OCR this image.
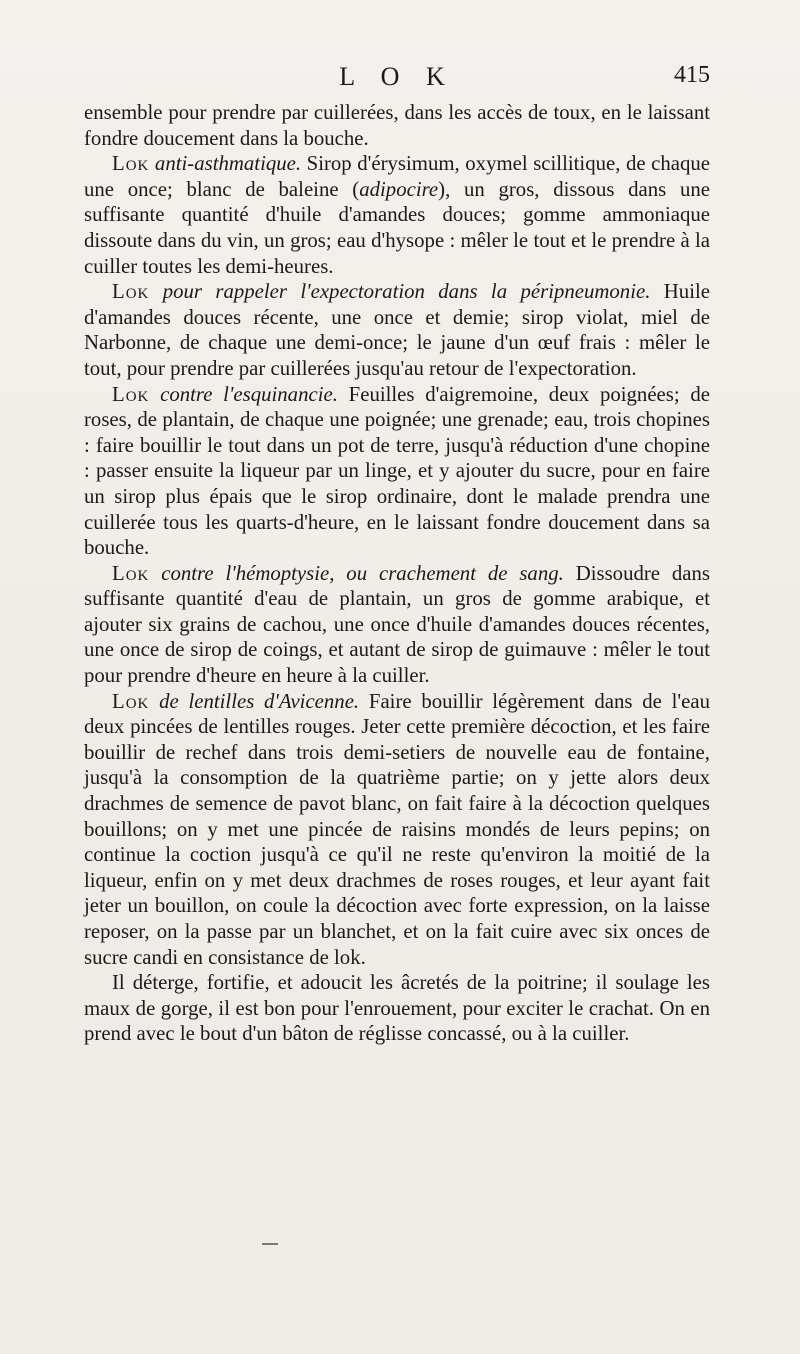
L O K	415

ensemble pour prendre par cuillerées, dans les accès de toux, en le laissant fondre doucement dans la bouche.

Lok anti-asthmatique. Sirop d'érysimum, oxymel scillitique, de chaque une once; blanc de baleine (adipocire), un gros, dissous dans une suffisante quantité d'huile d'amandes douces; gomme ammoniaque dissoute dans du vin, un gros; eau d'hysope : mêler le tout et le prendre à la cuiller toutes les demi-heures.

Lok pour rappeler l'expectoration dans la péripneumonie. Huile d'amandes douces récente, une once et demie; sirop violat, miel de Narbonne, de chaque une demi-once; le jaune d'un œuf frais : mêler le tout, pour prendre par cuillerées jusqu'au retour de l'expectoration.

Lok contre l'esquinancie. Feuilles d'aigremoine, deux poignées; de roses, de plantain, de chaque une poignée; une grenade; eau, trois chopines : faire bouillir le tout dans un pot de terre, jusqu'à réduction d'une chopine : passer ensuite la liqueur par un linge, et y ajouter du sucre, pour en faire un sirop plus épais que le sirop ordinaire, dont le malade prendra une cuillerée tous les quarts-d'heure, en le laissant fondre doucement dans sa bouche.

Lok contre l'hémoptysie, ou crachement de sang. Dissoudre dans suffisante quantité d'eau de plantain, un gros de gomme arabique, et ajouter six grains de cachou, une once d'huile d'amandes douces récentes, une once de sirop de coings, et autant de sirop de guimauve : mêler le tout pour prendre d'heure en heure à la cuiller.

Lok de lentilles d'Avicenne. Faire bouillir légèrement dans de l'eau deux pincées de lentilles rouges. Jeter cette première décoction, et les faire bouillir de rechef dans trois demi-setiers de nouvelle eau de fontaine, jusqu'à la consomption de la quatrième partie; on y jette alors deux drachmes de semence de pavot blanc, on fait faire à la décoction quelques bouillons; on y met une pincée de raisins mondés de leurs pepins; on continue la coction jusqu'à ce qu'il ne reste qu'environ la moitié de la liqueur, enfin on y met deux drachmes de roses rouges, et leur ayant fait jeter un bouillon, on coule la décoction avec forte expression, on la laisse reposer, on la passe par un blanchet, et on la fait cuire avec six onces de sucre candi en consistance de lok.

Il déterge, fortifie, et adoucit les âcretés de la poitrine; il soulage les maux de gorge, il est bon pour l'enrouement, pour exciter le crachat. On en prend avec le bout d'un bâton de réglisse concassé, ou à la cuiller.
